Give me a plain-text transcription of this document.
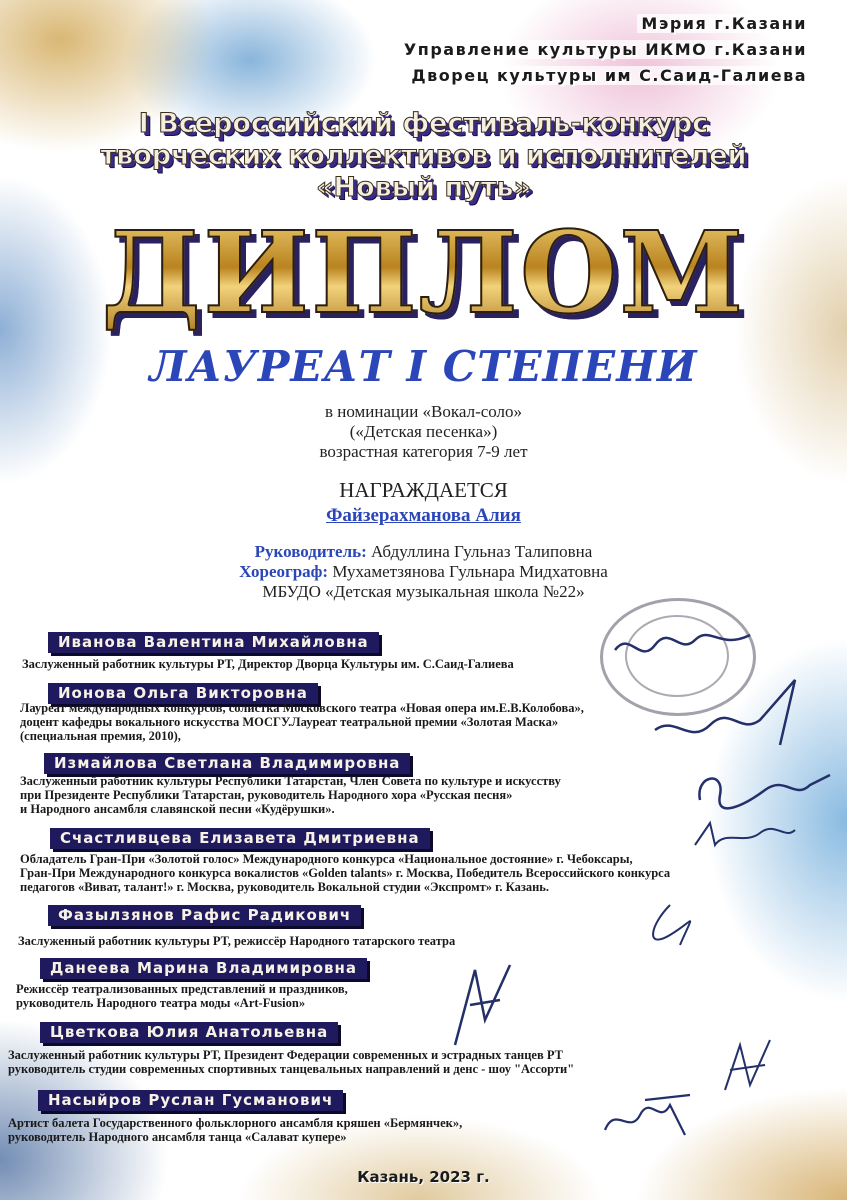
Мэрия г.Казани
Управление культуры ИКМО г.Казани
Дворец культуры им С.Саид-Галиева
I Всероссийский фестиваль-конкурс
творческих коллективов и исполнителей
«Новый путь»
ДИПЛОМ
ЛАУРЕАТ I СТЕПЕНИ
в номинации «Вокал-соло»
(«Детская песенка»)
возрастная категория 7-9 лет
НАГРАЖДАЕТСЯ
Файзерахманова Алия
Руководитель: Абдуллина Гульназ Талиповна
Хореограф: Мухаметзянова Гульнара Мидхатовна
МБУДО «Детская музыкальная школа №22»
Иванова Валентина Михайловна
Заслуженный работник культуры РТ, Директор Дворца Культуры им. С.Саид-Галиева
Ионова Ольга Викторовна
Лауреат международных конкурсов, солистка Московского театра «Новая опера им.Е.В.Колобова»,
доцент кафедры вокального искусства МОСГУ.Лауреат театральной премии «Золотая Маска»
(специальная премия, 2010),
Измайлова Светлана Владимировна
Заслуженный работник культуры Республики Татарстан, Член Совета по культуре и искусству
при Президенте Республики Татарстан, руководитель Народного хора «Русская песня»
и Народного ансамбля славянской песни «Кудёрушки».
Счастливцева Елизавета Дмитриевна
Обладатель Гран-При «Золотой голос» Международного конкурса «Национальное достояние» г. Чебоксары,
Гран-При Международного конкурса вокалистов «Golden talants» г. Москва, Победитель Всероссийского конкурса
педагогов «Виват, талант!» г. Москва, руководитель Вокальной студии «Экспромт» г. Казань.
Фазылзянов Рафис Радикович
Заслуженный работник культуры РТ, режиссёр Народного татарского театра
Данеева Марина Владимировна
Режиссёр театрализованных представлений и праздников,
руководитель Народного театра моды «Art-Fusion»
Цветкова Юлия Анатольевна
Заслуженный работник культуры РТ, Президент Федерации современных и эстрадных танцев РТ
руководитель студии современных спортивных танцевальных направлений и денс - шоу "Ассорти"
Насыйров Руслан Гусманович
Артист балета Государственного фольклорного ансамбля кряшен «Бермянчек»,
руководитель Народного ансамбля танца «Салават купере»
Казань, 2023 г.
